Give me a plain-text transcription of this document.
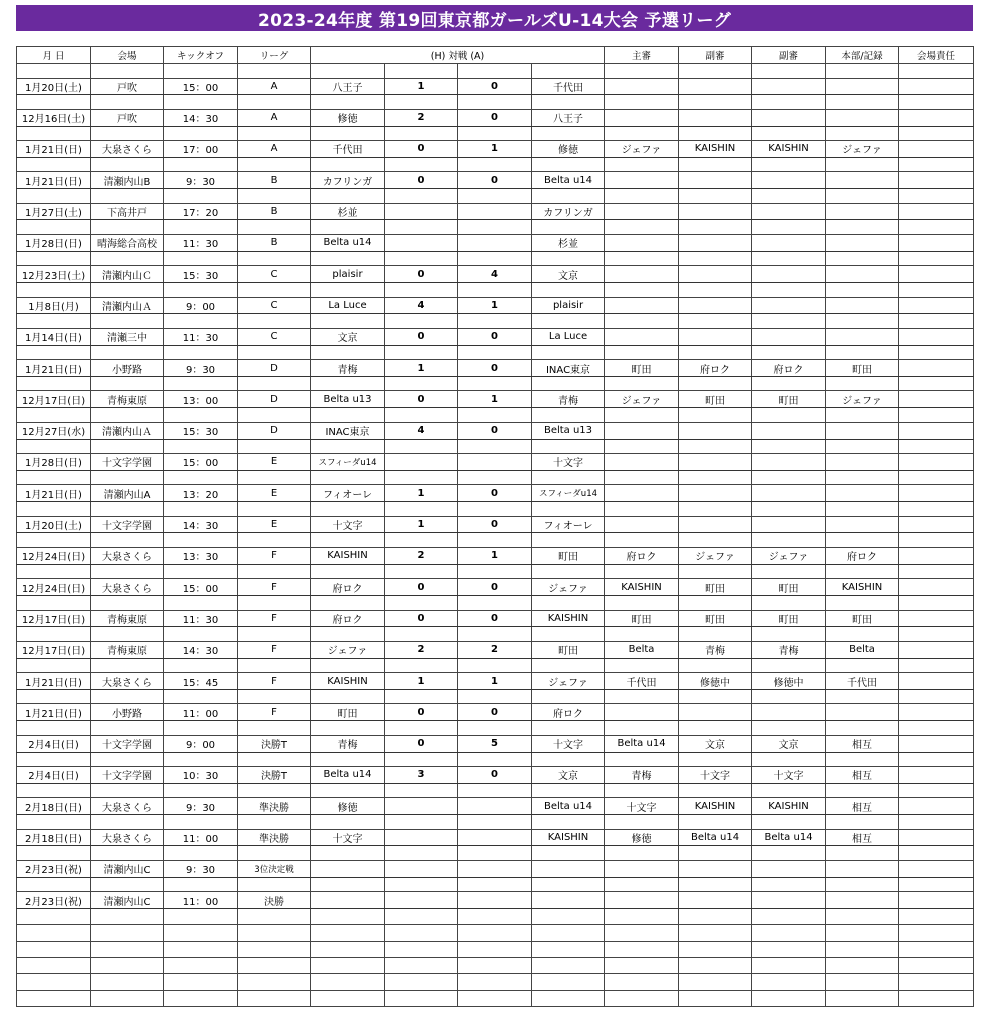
2023-24年度 第19回東京都ガールズU-14大会 予選リーグ
月 日	会場	キックオフ	リーグ	(H) 対戦 (A)				主審	副審	副審	本部/記録	会場責任

1月20日(土)	戸吹	15：00	A	八王子	1	0	千代田					

12月16日(土)	戸吹	14：30	A	修徳	2	0	八王子					

1月21日(日)	大泉さくら	17：00	A	千代田	0	1	修徳	ジェファ	KAISHIN	KAISHIN	ジェファ	

1月21日(日)	清瀬内山B	9：30	B	カフリンガ	0	0	Belta u14					

1月27日(土)	下高井戸	17：20	B	杉並			カフリンガ					

1月28日(日)	晴海総合高校	11：30	B	Belta u14			杉並					

12月23日(土)	清瀬内山Ｃ	15：30	C	plaisir	0	4	文京					

1月8日(月)	清瀬内山Ａ	9：00	C	La Luce	4	1	plaisir					

1月14日(日)	清瀬三中	11：30	C	文京	0	0	La Luce					

1月21日(日)	小野路	9：30	D	青梅	1	0	INAC東京	町田	府ロク	府ロク	町田	

12月17日(日)	青梅東原	13：00	D	Belta u13	0	1	青梅	ジェファ	町田	町田	ジェファ	

12月27日(水)	清瀬内山Ａ	15：30	D	INAC東京	4	0	Belta u13					

1月28日(日)	十文字学園	15：00	E	スフィーダu14			十文字					

1月21日(日)	清瀬内山A	13：20	E	フィオーレ	1	0	スフィーダu14					

1月20日(土)	十文字学園	14：30	E	十文字	1	0	フィオーレ					

12月24日(日)	大泉さくら	13：30	F	KAISHIN	2	1	町田	府ロク	ジェファ	ジェファ	府ロク	

12月24日(日)	大泉さくら	15：00	F	府ロク	0	0	ジェファ	KAISHIN	町田	町田	KAISHIN	

12月17日(日)	青梅東原	11：30	F	府ロク	0	0	KAISHIN	町田	町田	町田	町田	

12月17日(日)	青梅東原	14：30	F	ジェファ	2	2	町田	Belta	青梅	青梅	Belta	

1月21日(日)	大泉さくら	15：45	F	KAISHIN	1	1	ジェファ	千代田	修徳中	修徳中	千代田	

1月21日(日)	小野路	11：00	F	町田	0	0	府ロク					

2月4日(日)	十文字学園	9：00	決勝T	青梅	0	5	十文字	Belta u14	文京	文京	相互	

2月4日(日)	十文字学園	10：30	決勝T	Belta u14	3	0	文京	青梅	十文字	十文字	相互	

2月18日(日)	大泉さくら	9：30	準決勝	修徳			Belta u14	十文字	KAISHIN	KAISHIN	相互	

2月18日(日)	大泉さくら	11：00	準決勝	十文字			KAISHIN	修徳	Belta u14	Belta u14	相互	

2月23日(祝)	清瀬内山C	9：30	3位決定戦									

2月23日(祝)	清瀬内山C	11：00	決勝									
